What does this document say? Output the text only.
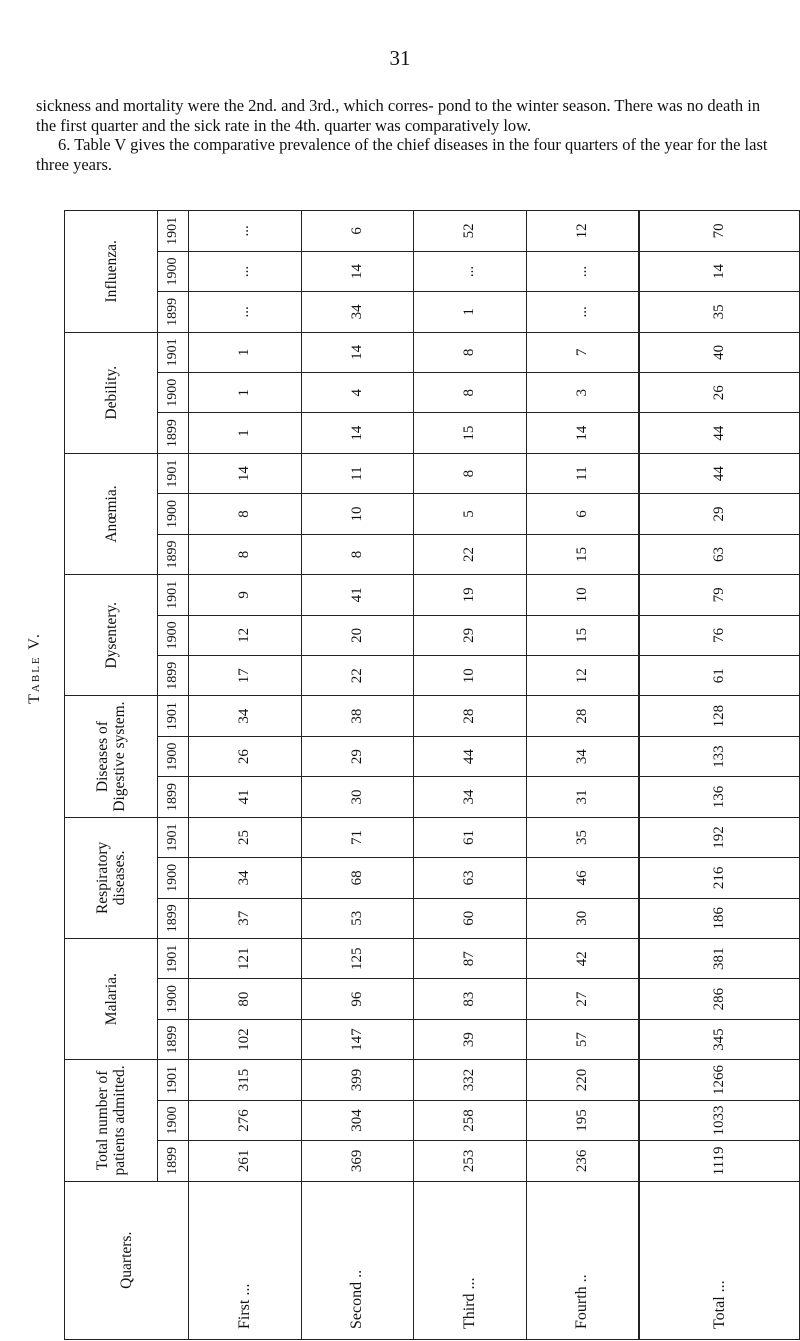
31

sickness and mortality were the 2nd. and 3rd., which corres- pond to the winter season. There was no death in the first quarter and the sick rate in the 4th. quarter was comparatively low.

6. Table V gives the comparative prevalence of the chief diseases in the four quarters of the year for the last three years.

Table V.
Quarters.	Total number of patients admitted.			Malaria.			Respiratory diseases.			Diseases of Digestive system.			Dysentery.			Anœmia.			Debility.			Influenza.		
	1899	1900	1901	1899	1900	1901	1899	1900	1901	1899	1900	1901	1899	1900	1901	1899	1900	1901	1899	1900	1901	1899	1900	1901
First ...	261	276	315	102	80	121	37	34	25	41	26	34	17	12	9	8	8	14	1	1	1	...	...	...
Second ..	369	304	399	147	96	125	53	68	71	30	29	38	22	20	41	8	10	11	14	4	14	34	14	6
Third ...	253	258	332	39	83	87	60	63	61	34	44	28	10	29	19	22	5	8	15	8	8	1	...	52
Fourth ..	236	195	220	57	27	42	30	46	35	31	34	28	12	15	10	15	6	11	14	3	7	...	...	12
Total ...	1119	1033	1266	345	286	381	186	216	192	136	133	128	61	76	79	63	29	44	44	26	40	35	14	70
